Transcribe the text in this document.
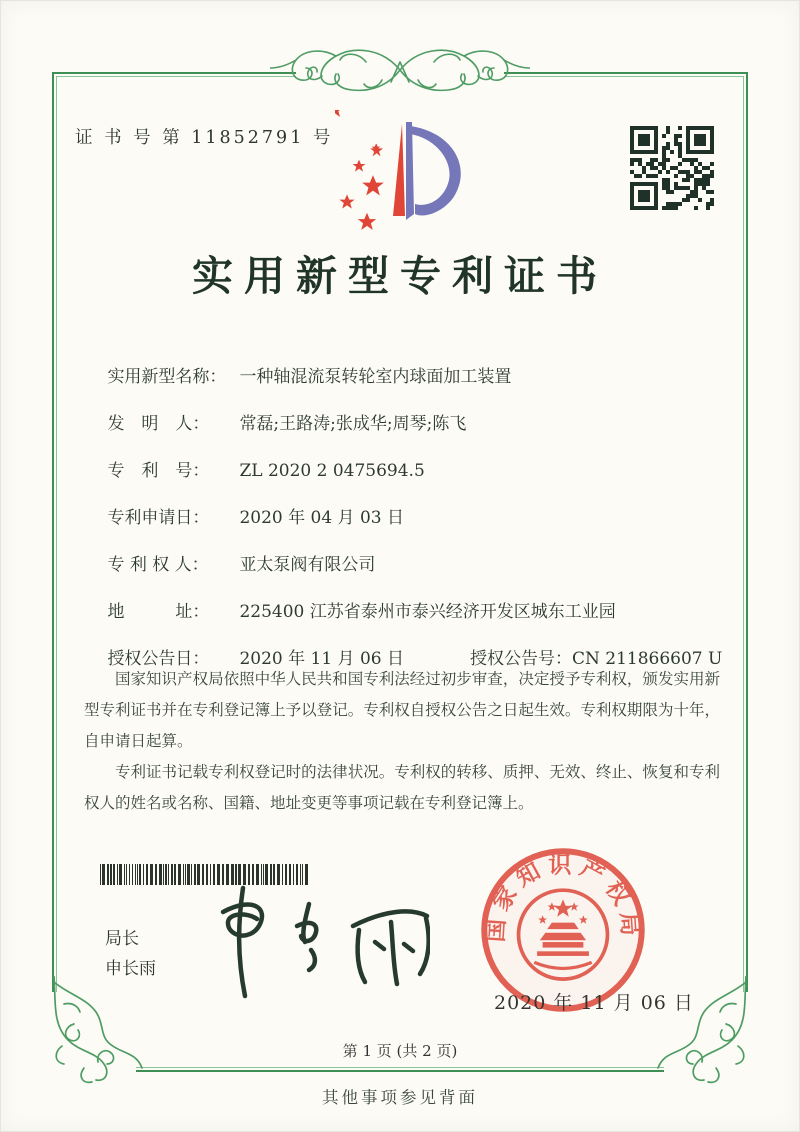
证 书 号 第 11852791 号
实用新型专利证书

实用新型名称： 一种轴混流泵转轮室内球面加工装置

发　明　人： 常磊;王路涛;张成华;周琴;陈飞

专　利　号： ZL 2020 2 0475694.5

专利申请日： 2020 年 04 月 03 日

专 利 权 人： 亚太泵阀有限公司

地　　　址： 225400 江苏省泰州市泰兴经济开发区城东工业园

授权公告日： 2020 年 11 月 06 日	授权公告号：CN 211866607 U

国家知识产权局依照中华人民共和国专利法经过初步审查，决定授予专利权，颁发实用新型专利证书并在专利登记簿上予以登记。专利权自授权公告之日起生效。专利权期限为十年，自申请日起算。

专利证书记载专利权登记时的法律状况。专利权的转移、质押、无效、终止、恢复和专利权人的姓名或名称、国籍、地址变更等事项记载在专利登记簿上。

局长
申长雨
国家知识产权局
2020 年 11 月 06 日
第 1 页 (共 2 页)
其他事项参见背面
